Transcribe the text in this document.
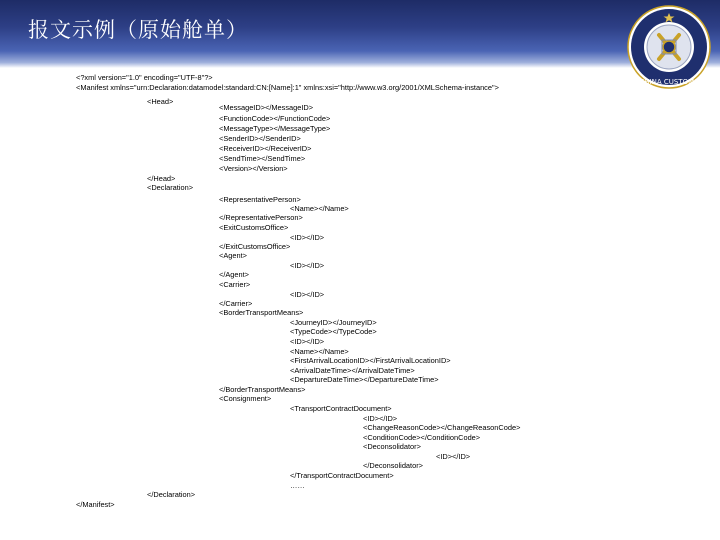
报文示例（原始舱单）
CHINA CUSTOMS
<?xml version="1.0" encoding="UTF-8"?>
<Manifest xmlns="urn:Declaration:datamodel:standard:CN:[Name]:1" xmlns:xsi="http://www.w3.org/2001/XMLSchema-instance">
<Head>
<MessageID></MessageID>
<FunctionCode></FunctionCode>
<MessageType></MessageType>
<SenderID></SenderID>
<ReceiverID></ReceiverID>
<SendTime></SendTime>
<Version></Version>
</Head>
<Declaration>
<RepresentativePerson>
<Name></Name>
</RepresentativePerson>
<ExitCustomsOffice>
<ID></ID>
</ExitCustomsOffice>
<Agent>
<ID></ID>
</Agent>
<Carrier>
<ID></ID>
</Carrier>
<BorderTransportMeans>
<JourneyID></JourneyID>
<TypeCode></TypeCode>
<ID></ID>
<Name></Name>
<FirstArrivalLocationID></FirstArrivalLocationID>
<ArrivalDateTime></ArrivalDateTime>
<DepartureDateTime></DepartureDateTime>
</BorderTransportMeans>
<Consignment>
<TransportContractDocument>
<ID></ID>
<ChangeReasonCode></ChangeReasonCode>
<ConditionCode></ConditionCode>
<Deconsolidator>
<ID></ID>
</Deconsolidator>
</TransportContractDocument>
……
</Declaration>
</Manifest>
